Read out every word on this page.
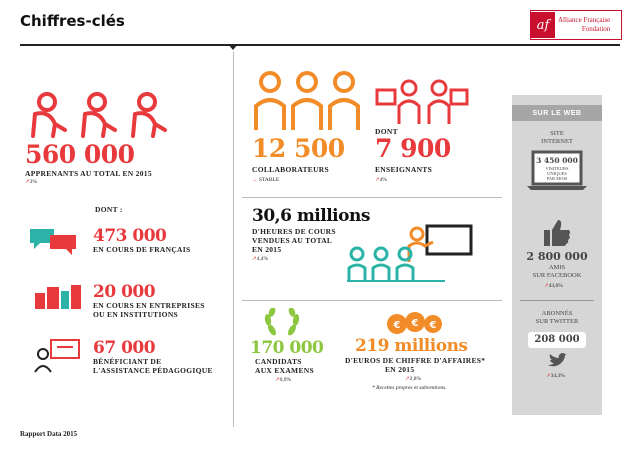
Chiffres-clés	af	Alliance Française
Fondation
560 000
APPRENANTS AU TOTAL EN 2015
↗3%
DONT :
473 000
EN COURS DE FRANÇAIS
20 000
EN COURS EN ENTREPRISES
OU EN INSTITUTIONS
67 000
BÉNÉFICIANT DE
L'ASSISTANCE PÉDAGOGIQUE
12 500
COLLABORATEURS
→ STABLE
DONT
7 900
ENSEIGNANTS
↗4%
30,6 millions
D'HEURES DE COURS
VENDUES AU TOTAL
EN 2015
↗4,4%
170 000
CANDIDATS
AUX EXAMENS
↗0,9%
€ € €
219 millions
D'EUROS DE CHIFFRE D'AFFAIRES*
EN 2015
↗2,8%
* Recettes propres et subventions.
SUR LE WEB
SITE
INTERNET
3 450 000
VISITEURS
UNIQUES
PAR MOIS
2 800 000
AMIS
SUR FACEBOOK
↗43,6%
ABONNÉS
SUR TWITTER
208 000
↗34,3%
Rapport Data 2015
